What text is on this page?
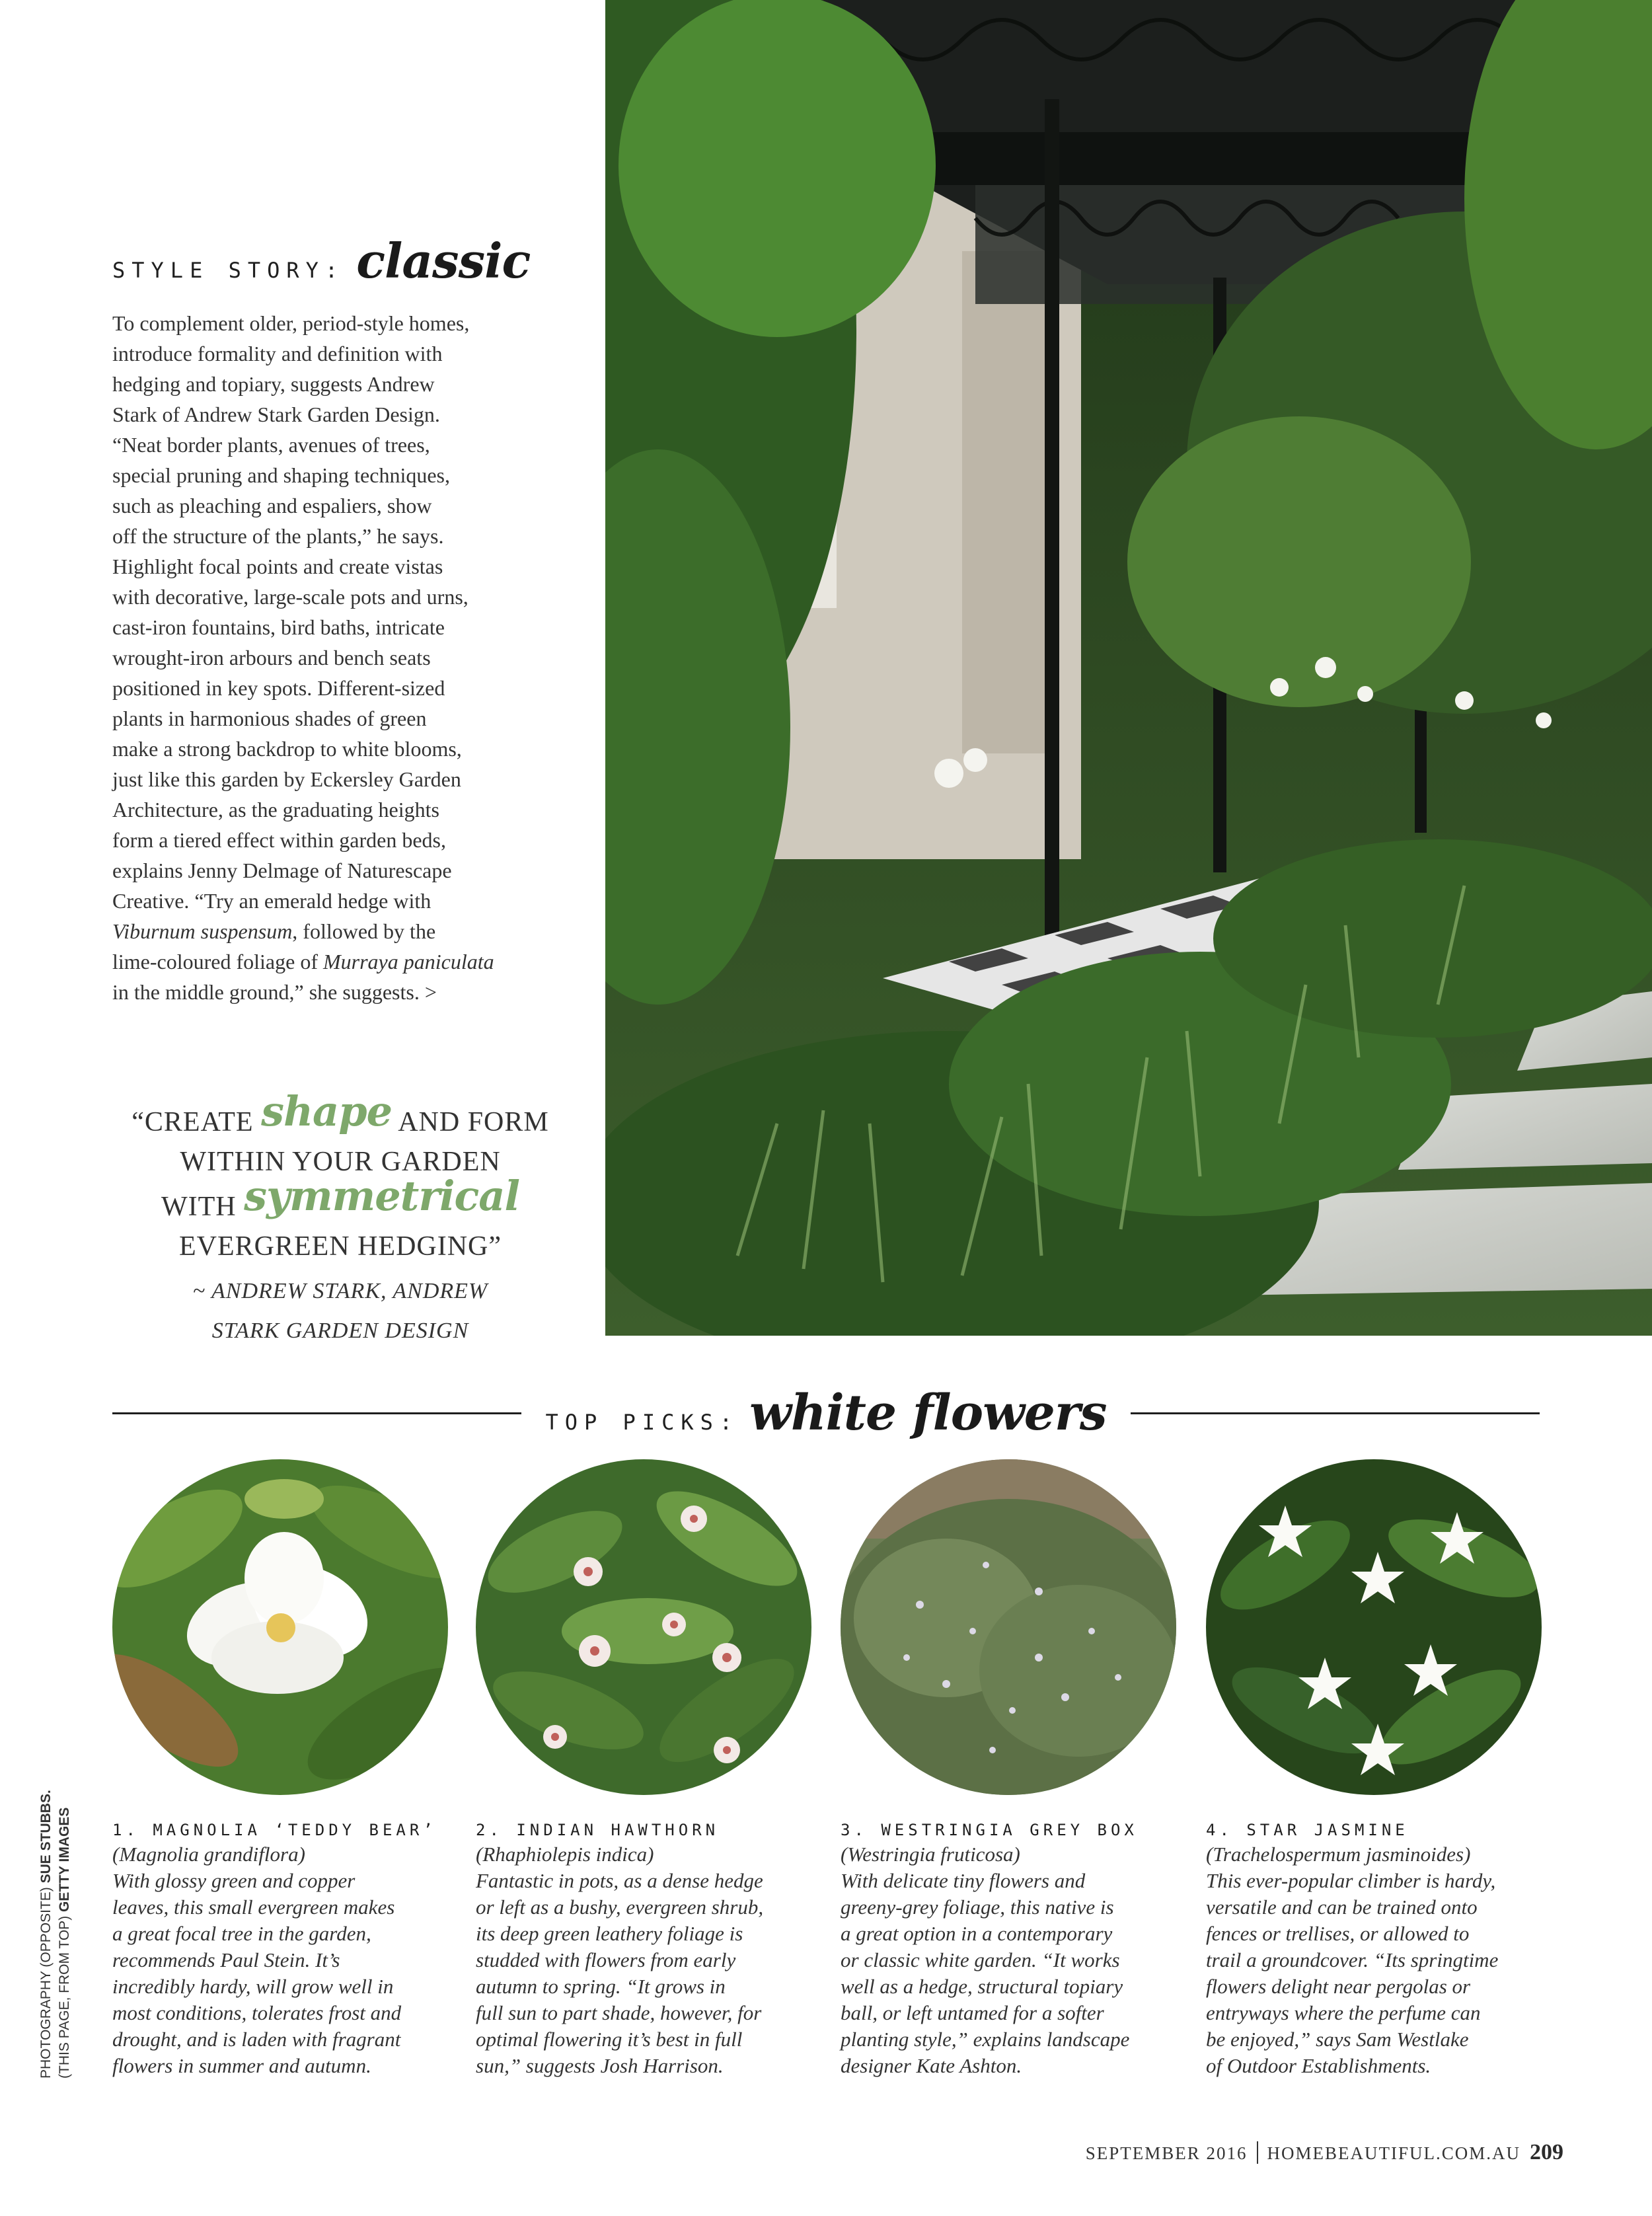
STYLE STORY: classic

To complement older, period-style homes,
introduce formality and definition with
hedging and topiary, suggests Andrew
Stark of Andrew Stark Garden Design.
“Neat border plants, avenues of trees,
special pruning and shaping techniques,
such as pleaching and espaliers, show
off the structure of the plants,” he says.
Highlight focal points and create vistas
with decorative, large-scale pots and urns,
cast-iron fountains, bird baths, intricate
wrought-iron arbours and bench seats
positioned in key spots. Different-sized
plants in harmonious shades of green
make a strong backdrop to white blooms,
just like this garden by Eckersley Garden
Architecture, as the graduating heights
form a tiered effect within garden beds,
explains Jenny Delmage of Naturescape
Creative. “Try an emerald hedge with
Viburnum suspensum, followed by the
lime-coloured foliage of Murraya paniculata
in the middle ground,” she suggests. >

“CREATE shape AND FORM
WITHIN YOUR GARDEN
WITH symmetrical
EVERGREEN HEDGING”
~ ANDREW STARK, ANDREW
STARK GARDEN DESIGN
TOP PICKS: white flowers
1. MAGNOLIA ‘TEDDY BEAR’
(Magnolia grandiflora)
With glossy green and copper
leaves, this small evergreen makes
a great focal tree in the garden,
recommends Paul Stein. It’s
incredibly hardy, will grow well in
most conditions, tolerates frost and
drought, and is laden with fragrant
flowers in summer and autumn.
2. INDIAN HAWTHORN
(Rhaphiolepis indica)
Fantastic in pots, as a dense hedge
or left as a bushy, evergreen shrub,
its deep green leathery foliage is
studded with flowers from early
autumn to spring. “It grows in
full sun to part shade, however, for
optimal flowering it’s best in full
sun,” suggests Josh Harrison.
3. WESTRINGIA GREY BOX
(Westringia fruticosa)
With delicate tiny flowers and
greeny-grey foliage, this native is
a great option in a contemporary
or classic white garden. “It works
well as a hedge, structural topiary
ball, or left untamed for a softer
planting style,” explains landscape
designer Kate Ashton.
4. STAR JASMINE
(Trachelospermum jasminoides)
This ever-popular climber is hardy,
versatile and can be trained onto
fences or trellises, or allowed to
trail a groundcover. “Its springtime
flowers delight near pergolas or
entryways where the perfume can
be enjoyed,” says Sam Westlake
of Outdoor Establishments.
PHOTOGRAPHY (OPPOSITE) SUE STUBBS.
(THIS PAGE, FROM TOP) GETTY IMAGES
SEPTEMBER 2016 HOMEBEAUTIFUL.COM.AU 209
